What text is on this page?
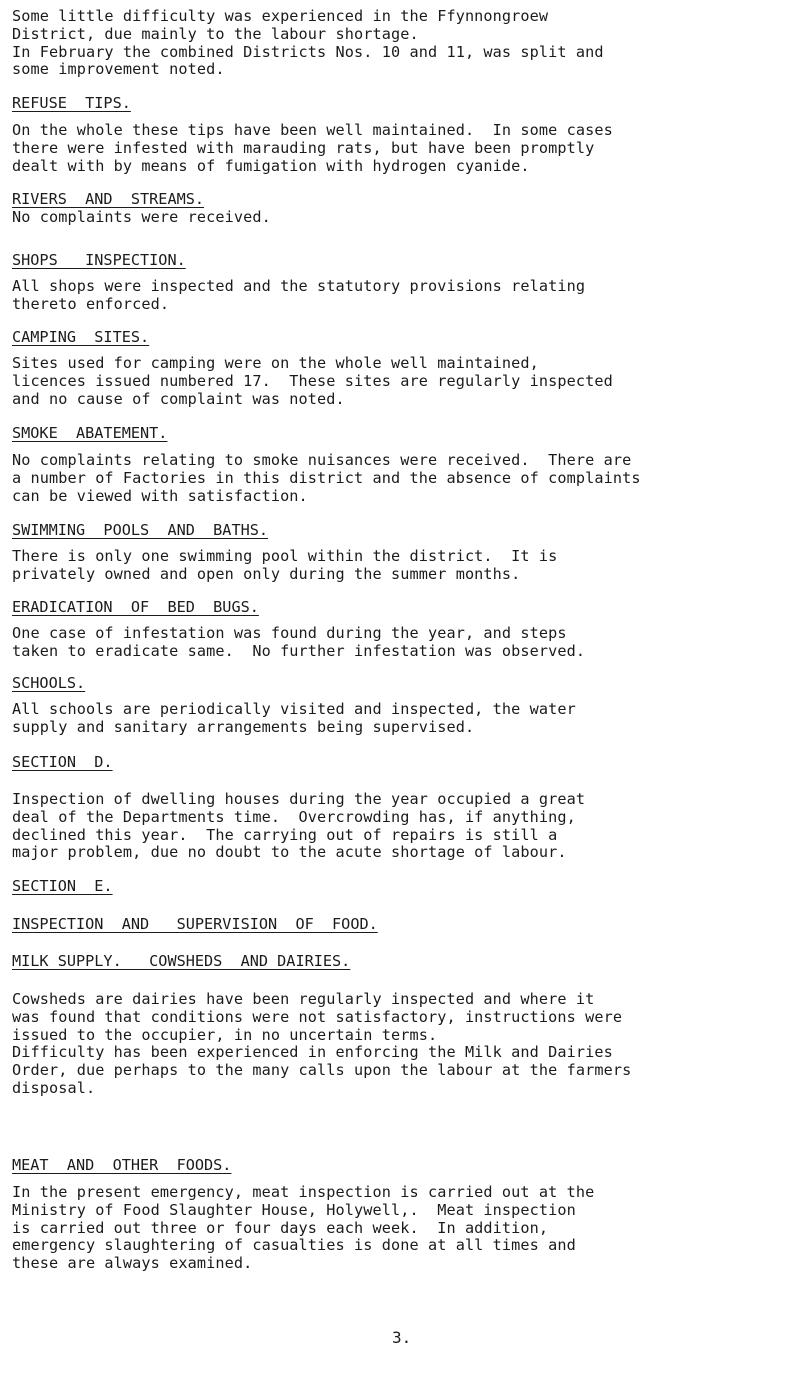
Some little difficulty was experienced in the Ffynnongroew
District, due mainly to the labour shortage.
In February the combined Districts Nos. 10 and 11, was split and
some improvement noted.

REFUSE  TIPS.

On the whole these tips have been well maintained.  In some cases
there were infested with marauding rats, but have been promptly
dealt with by means of fumigation with hydrogen cyanide.

RIVERS  AND  STREAMS.

No complaints were received.

SHOPS   INSPECTION.

All shops were inspected and the statutory provisions relating
thereto enforced.

CAMPING  SITES.

Sites used for camping were on the whole well maintained,
licences issued numbered 17.  These sites are regularly inspected
and no cause of complaint was noted.

SMOKE  ABATEMENT.

No complaints relating to smoke nuisances were received.  There are
a number of Factories in this district and the absence of complaints
can be viewed with satisfaction.

SWIMMING  POOLS  AND  BATHS.

There is only one swimming pool within the district.  It is
privately owned and open only during the summer months.

ERADICATION  OF  BED  BUGS.

One case of infestation was found during the year, and steps
taken to eradicate same.  No further infestation was observed.

SCHOOLS.

All schools are periodically visited and inspected, the water
supply and sanitary arrangements being supervised.

SECTION  D.

Inspection of dwelling houses during the year occupied a great
deal of the Departments time.  Overcrowding has, if anything,
declined this year.  The carrying out of repairs is still a
major problem, due no doubt to the acute shortage of labour.

SECTION  E.
INSPECTION  AND   SUPERVISION  OF  FOOD.
MILK SUPPLY.   COWSHEDS  AND DAIRIES.

Cowsheds are dairies have been regularly inspected and where it
was found that conditions were not satisfactory, instructions were
issued to the occupier, in no uncertain terms.
Difficulty has been experienced in enforcing the Milk and Dairies
Order, due perhaps to the many calls upon the labour at the farmers
disposal.

MEAT  AND  OTHER  FOODS.

In the present emergency, meat inspection is carried out at the
Ministry of Food Slaughter House, Holywell,.  Meat inspection
is carried out three or four days each week.  In addition,
emergency slaughtering of casualties is done at all times and
these are always examined.

3.
